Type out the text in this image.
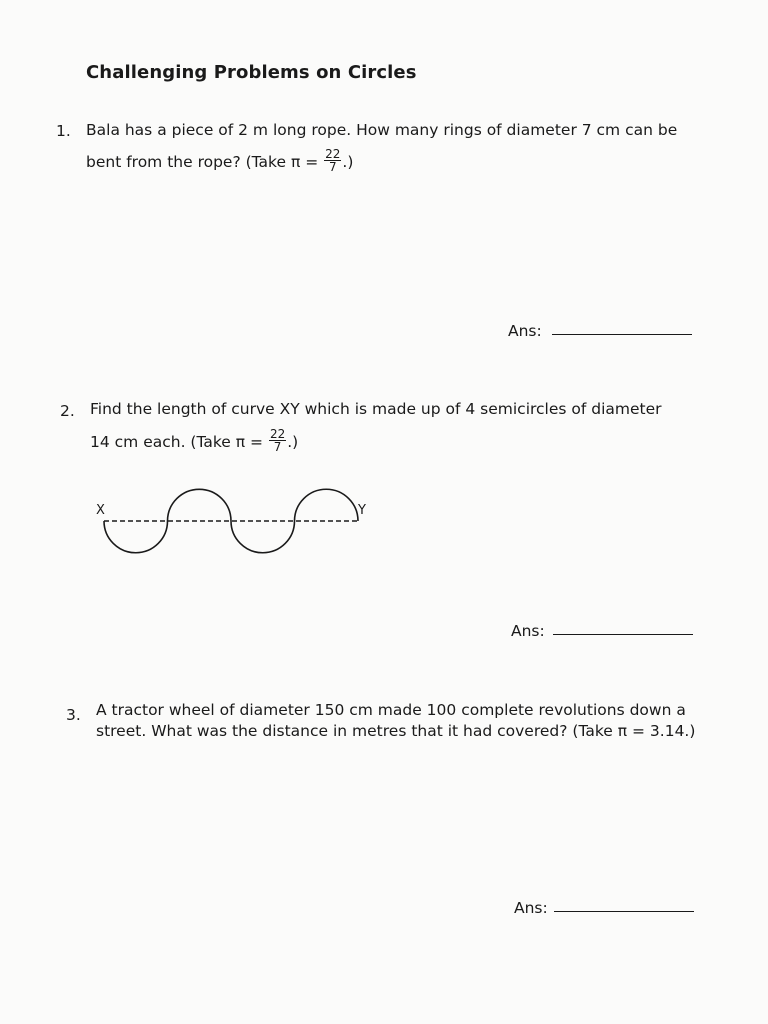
Challenging Problems on Circles
1. Bala has a piece of 2 m long rope. How many rings of diameter 7 cm can be
bent from the rope? (Take $\pi = \frac{22}{7}$ .)
Ans:
2. Find the length of curve XY which is made up of 4 semicircles of diameter
14 cm each. (Take $\pi = \frac{22}{7}$ .)
X	Y
Ans:
3. A tractor wheel of diameter 150 cm made 100 complete revolutions down a
street. What was the distance in metres that it had covered? (Take π = 3.14.)
Ans:
